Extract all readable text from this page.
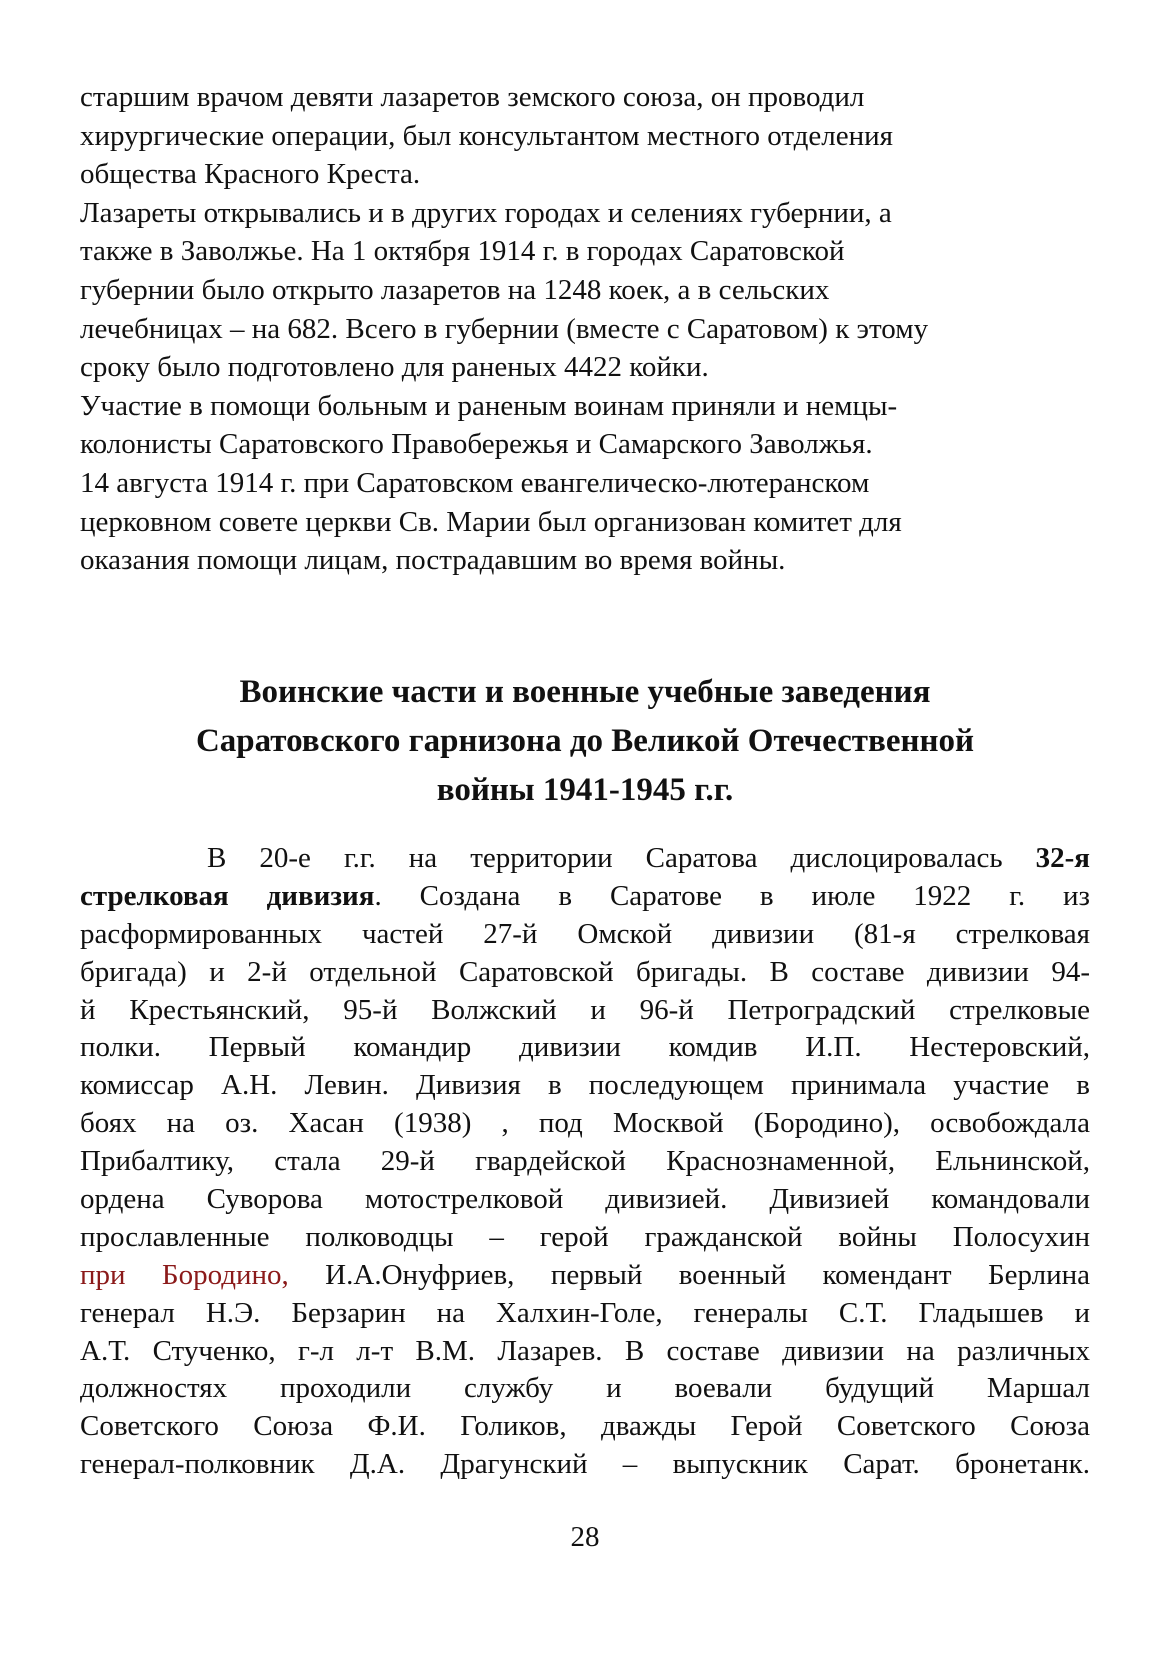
старшим врачом девяти лазаретов земского союза, он проводил
хирургические операции, был консультантом местного отделения
общества Красного Креста.
Лазареты открывались и в других городах и селениях губернии, а
также в Заволжье. На 1 октября 1914 г. в городах Саратовской
губернии было открыто лазаретов на 1248 коек, а в сельских
лечебницах – на 682. Всего в губернии (вместе с Саратовом) к этому
сроку было подготовлено для раненых 4422 койки.
Участие в помощи больным и раненым воинам приняли и немцы-
колонисты Саратовского Правобережья и Самарского Заволжья.
14 августа 1914 г. при Саратовском евангелическо-лютеранском
церковном совете церкви Св. Марии был организован комитет для
оказания помощи лицам, пострадавшим во время войны.
Воинские части и военные учебные заведения
Саратовского гарнизона до Великой Отечественной
войны 1941-1945 г.г.
В 20-е г.г. на территории Саратова дислоцировалась 32-я
стрелковая дивизия. Создана в Саратове в июле 1922 г. из
расформированных частей 27-й Омской дивизии (81-я стрелковая
бригада) и 2-й отдельной Саратовской бригады. В составе дивизии 94-
й Крестьянский, 95-й Волжский и 96-й Петроградский стрелковые
полки. Первый командир дивизии комдив И.П. Нестеровский,
комиссар А.Н. Левин. Дивизия в последующем принимала участие в
боях на оз. Хасан (1938) , под Москвой (Бородино), освобождала
Прибалтику, стала 29-й гвардейской Краснознаменной, Ельнинской,
ордена Суворова мотострелковой дивизией. Дивизией командовали
прославленные полководцы – герой гражданской войны Полосухин
при Бородино, И.А.Онуфриев, первый военный комендант Берлина
генерал Н.Э. Берзарин на Халхин-Голе, генералы С.Т. Гладышев и
А.Т. Стученко, г-л л-т В.М. Лазарев. В составе дивизии на различных
должностях проходили службу и воевали будущий Маршал
Советского Союза Ф.И. Голиков, дважды Герой Советского Союза
генерал-полковник Д.А. Драгунский – выпускник Сарат. бронетанк.
28
